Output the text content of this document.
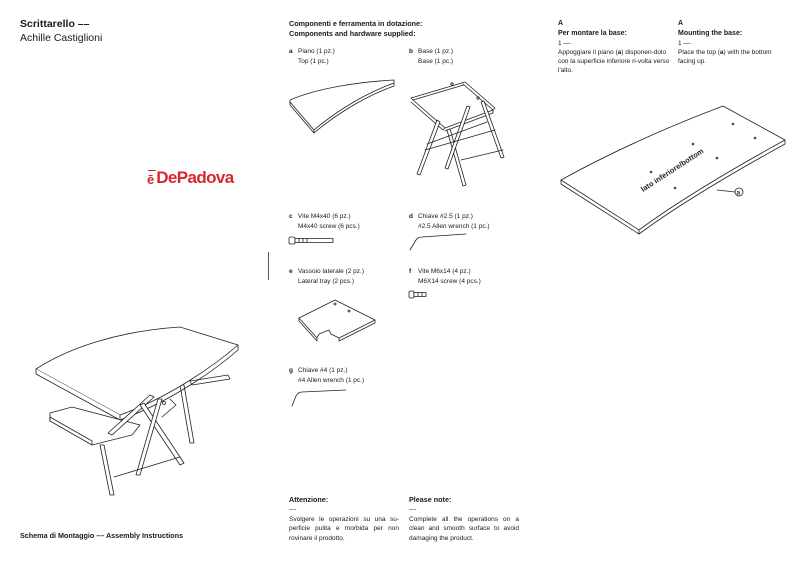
Scrittarello ––
Achille Castiglioni
ē DePadova
Componenti e ferramenta in dotazione:
Components and hardware supplied:
a Piano (1 pz.)
Top (1 pc.)
b Base (1 pz.)
Base (1 pc.)
c Vite M4x40 (6 pz.)
M4x40 screw (6 pcs.)
d Chiave #2.5 (1 pz.)
#2.5 Allen wrench (1 pc.)
e Vassoio laterale (2 pz.)
Lateral tray (2 pcs.)
f Vite M6x14 (4 pz.)
M6X14 screw (4 pcs.)
g Chiave #4 (1 pz.)
#4 Allen wrench (1 pc.)
A
Per montare la base:
1 ––
Appoggiare il piano (a) disponen-dolo con la superficie inferiore ri-volta verso l'alto.
A
Mounting the base:
1 ––
Place the top (a) with the bottom facing up.
lato inferiore/bottom	a
Attenzione:
––
Svolgere le operazioni su una su-perficie pulita e morbida per non rovinare il prodotto.
Please note:
––
Complete all the operations on a clean and smooth surface to avoid damaging the product.
Schema di Montaggio –– Assembly Instructions
